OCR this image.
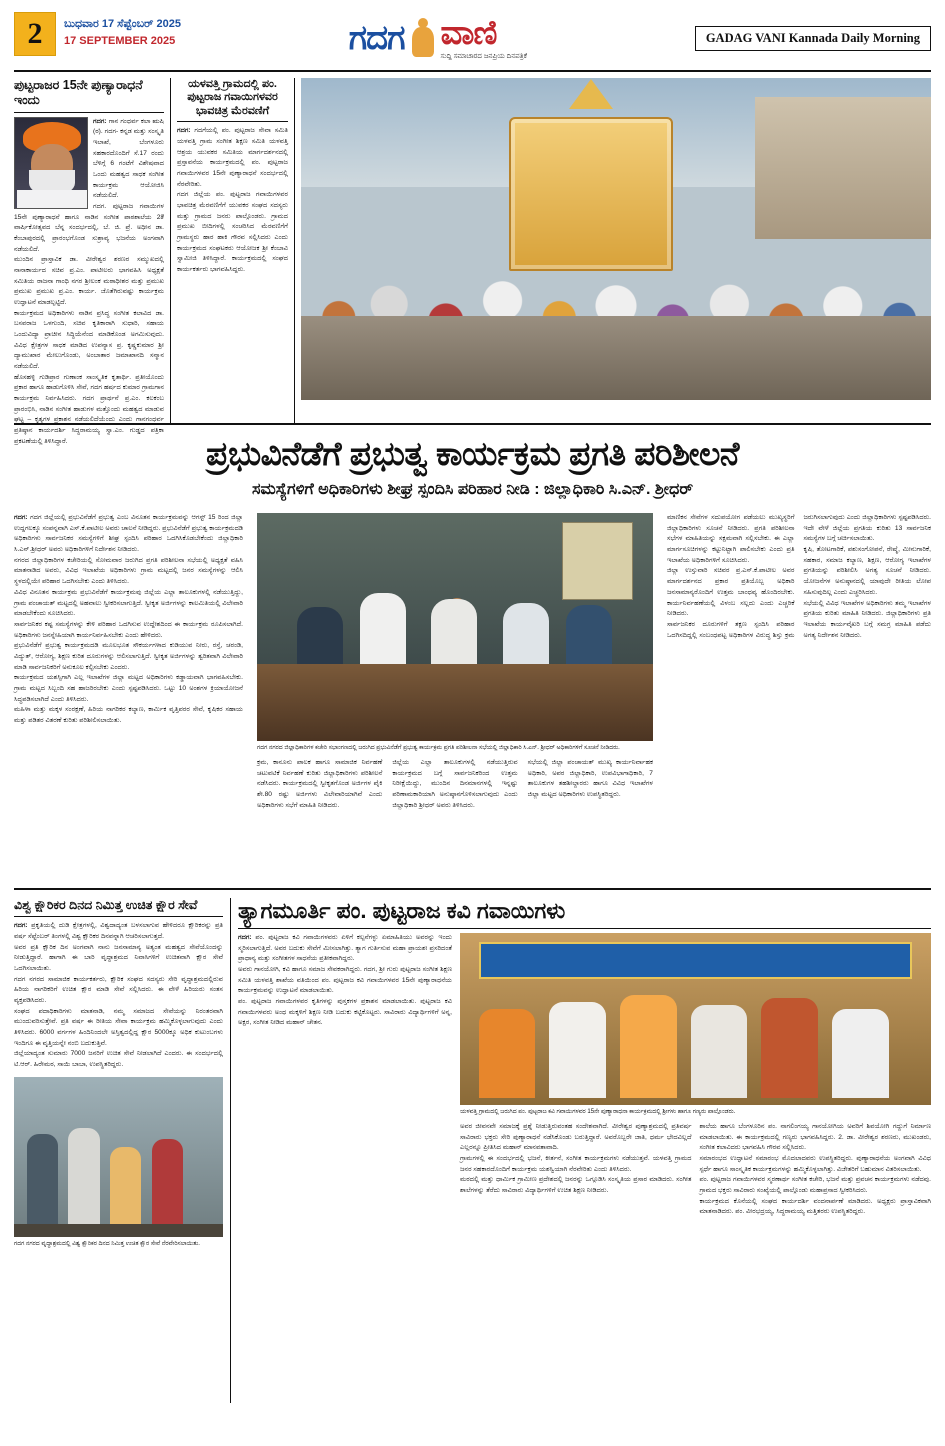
2	ಬುಧವಾರ 17 ಸೆಪ್ಟೆಂಬರ್ 2025
17 SEPTEMBER 2025	ಗದಗ ವಾಣಿ
ಸುದ್ದಿ ಸಮಾಚಾರದ ಜನಪ್ರಿಯ ದಿನಪತ್ರಿಕೆ
GADAG VANI Kannada Daily Morning
ಪುಟ್ಟರಾಜರ 15ನೇ ಪುಣ್ಯಾರಾಧನೆ ಇಂದು
ಗದಗ: ಗಾನ ಗಂಧರ್ವ ಕಲಾ ಋಷಿ (ಠ). ಗದಗ- ಕನ್ನಡ ಮತ್ತು ಸಂಸ್ಕೃತಿ ಇಲಾಖೆ, ಬೆಂಗಳೂರು ಸಹಕಾರದೊಂದಿಗೆ ಸೆ.17 ರಂದು ಬೆಳಿಗ್ಗೆ 6 ಗಂಟೆಗೆ ವಿಶೇಷವಾದ ಒಂದು ಮಹತ್ವದ ಸಾಧಕ ಸಂಗೀತ ಕಾರ್ಯಕ್ರಮ ಆಯೋಜಿಸಿ ನಡೆಯಲಿದೆ.
ಗದಗ. ಪುಟ್ಟರಾಜ ಗವಾಯಿಗಳ 15ನೇ ಪುಣ್ಯಾರಾಧನೆ ಹಾಗೂ ನಾಡಿನ ಸಂಗೀತ ಪಾಠಶಾಲೆಯ 28ೆ ವಾರ್ಷಿಕೋತ್ಸವದ ಬೆನ್ನ ಸಂದರ್ಭದಲ್ಲಿ, ಬೆ. ಜಿ. ಪ್ರೆ. ಅಧೀನ ಡಾ. ಕೆಂಬಾಪುರದಲ್ಲಿ ಪ್ರಾರಂಭಗೊಂಡ ಸುಶ್ರಾವ್ಯ ಭಜನೆಯ ಅಂಗವಾಗಿ ನಡೆಯಲಿದೆ.
ಮುಂದಿನ ಪ್ರಾಸ್ತಾವಿಕ ಡಾ. ವೀರೇಶ್ವರ ಶರಣರ ಸಮ್ಮುಖದಲ್ಲಿ ನಾನಾಕಾರ್ಯದ ಸಚಿವ ಪ್ರ.ಎಂ. ಪಾಟೀಲರು ಭಾಗವಹಿಸಿ ಅಧ್ಯಕ್ಷತೆ ಸಮಿತಿಯ ರಾಜನಾ ಗಾಂಧಿ ನಗರ ಶ್ರೀಲಂಕ ಮಠಾಧೀಶರ ಮತ್ತು ಪ್ರಮುಖ ಪ್ರಮುಖ ಪ್ರಮುಖ ಪ್ರ.ಎಂ. ಕಾರ್ಯ. ಜೊತೆಗಿರುವಷ್ಟು ಕಾರ್ಯಕ್ರಮ ಉದ್ಘಾಟನೆ ಮಾಡಲ್ಪಟ್ಟಿದೆ.
ಕಾರ್ಯಕ್ರಮದ ಅಧಿಕಾರಿಗಳು ನಾಡಿನ ಪ್ರಸಿದ್ಧ ಸಂಗೀತ ಕಲಾವಿದ ಡಾ. ಬಸವರಾಜ ಒಳಗುಂದಿ, ಸಚಿವ ಕೃತಿಕಾರಾಗಿ ಸುಧಾರಿ, ಸಹಾಯ ಒಂದುವಿದ್ಯಾ ಪ್ರಾಚೀನ ಸಿದ್ಧಿಯೆನೆಂದ ಮಾಡಿಕೊಂಡ ಅಗಮಿಸುವುದು. ವಿವಿಧ ಕ್ಷೇತ್ರಗಳ ಸಾಧಕ ಮಾಡಿದ ಉಪನ್ಯಾಸ ಪ್ರ. ಕೃಷ್ಣಕುಮಾರ ಶ್ರೀ ದ್ಯಾಮುಖಾರ ಮೇಲುಗೊಂಡು, ಅಂಬಾತಾರ ಜಮಾಖಾನದಿ ಸನ್ಮಾನ ನಡೆಯಲಿದೆ.
ಹೊಸಹಳ್ಳಿ ಗುಡಿಪ್ರಾರ ಗುಣಾಂಕ ಸಾಂಸ್ಕೃತಿಕ ಕೃತಾರ್ಥಿ. ಪ್ರತೀಯೊಂದು ಪ್ರಕಾರ ಹಾಗೂ ಹಾಡುಗೊಳಿಸಿ ಸೇವೆ, ಗದಗ ಹರ್ಷದ ಕುಮಾರ ಗ್ರಾಮಗಾನ ಕಾರ್ಯಕ್ರಮ ನಿರ್ವಹಿಸಿದರು. ಗದಗ ಪ್ರಾರ್ಥನೆ ಪ್ರ.ಎಂ. ಕಲಕಂಬ ಪ್ರಾರಂಭಿಸಿ, ನಾಡಿನ ಸಂಗೀತ ಹಾಡುಗಳ ಮತ್ತೊಂದು ಮಹತ್ವದ ಮಾಡುವ ಘಟ್ಟ – ಕೃತ್ಯಗಳ ಪ್ರಕಾಶನ ನಡೆಯಲಿದೆಯೆಂದು ಎಂದು ಗಾನಗಂಧರ್ವ ಪ್ರತಿಷ್ಠಾನ ಕಾರ್ಯದರ್ಶಿ ಸಿದ್ಧರಾಮಯ್ಯ ಸ್ವಾ.ಎಂ. ಗುಡ್ಡದ ಪತ್ರಿಕಾ ಪ್ರಕಟಣೆಯಲ್ಲಿ ತಿಳಿಸಿದ್ದಾರೆ.
ಯಳವತ್ತಿ ಗ್ರಾಮದಲ್ಲಿ ಪಂ. ಪುಟ್ಟರಾಜ ಗವಾಯಿಗಳವರ ಭಾವಚಿತ್ರ ಮೆರವಣಿಗೆ
ಗದಗ: ಗದಗೆಯಲ್ಲಿ ಪಂ. ಪುಟ್ಟರಾಜ ಸೇವಾ ಸಮಿತಿ ಯಳವತ್ತಿ ಗ್ರಾಮ ಸಂಗೀತ ಶಿಕ್ಷಣ ಸಮಿತಿ ಯಳವತ್ತಿ ಆಶ್ರಯ ಯುವಕರ ಸಮಿತಿಯ ಮಾರ್ಗದರ್ಶನದಲ್ಲಿ ಪ್ರಸ್ತಾವನೆಯ ಕಾರ್ಯಕ್ರಮದಲ್ಲಿ ಪಂ. ಪುಟ್ಟರಾಜ ಗವಾಯಿಗಳವರ 15ನೇ ಪುಣ್ಯಾರಾಧನೆ ಸಂದರ್ಭದಲ್ಲಿ ನೆರವೇರಿತು.
ಗದಗ ಜಿಲ್ಲೆಯ ಪಂ. ಪುಟ್ಟರಾಜ ಗವಾಯಿಗಳವರ ಭಾವಚಿತ್ರ ಮೆರವಣಿಗೆಗೆ ಯುವಕರ ಸಂಘದ ಸದಸ್ಯರು ಮತ್ತು ಗ್ರಾಮದ ಜನರು ಪಾಲ್ಗೊಂಡರು. ಗ್ರಾಮದ ಪ್ರಮುಖ ಬೀದಿಗಳಲ್ಲಿ ಸಂಚರಿಸಿದ ಮೆರವಣಿಗೆಗೆ ಗ್ರಾಮಸ್ಥರು ಹಾರ ಹಾಕಿ ಗೌರವ ಸಲ್ಲಿಸಿದರು ಎಂದು ಕಾರ್ಯಕ್ರಮದ ಸಂಘಟಕರು ಆಯೋಜಕ ಶ್ರೀ ಕೆಂಬಾವಿ ಸ್ವಾಮೀಜಿ ತಿಳಿಸಿದ್ದಾರೆ. ಕಾರ್ಯಕ್ರಮದಲ್ಲಿ ಸಂಘದ ಕಾರ್ಯಕರ್ತರು ಭಾಗವಹಿಸಿದ್ದರು.
ಪ್ರಭುವಿನೆಡೆಗೆ ಪ್ರಭುತ್ವ ಕಾರ್ಯಕ್ರಮ ಪ್ರಗತಿ ಪರಿಶೀಲನೆ
ಸಮಸ್ಯೆಗಳಿಗೆ ಅಧಿಕಾರಿಗಳು ಶೀಘ್ರ ಸ್ಪಂದಿಸಿ ಪರಿಹಾರ ನೀಡಿ : ಜಿಲ್ಲಾಧಿಕಾರಿ ಸಿ.ಎನ್. ಶ್ರೀಧರ್
ಗದಗ: ಗದಗ ಜಿಲ್ಲೆಯಲ್ಲಿ ಪ್ರಭುವಿನೆಡೆಗೆ ಪ್ರಭುತ್ವ ಎಂಬ ವಿನೂತನ ಕಾರ್ಯಕ್ರಮವನ್ನು ಆಗಸ್ಟ್ 15 ರಿಂದ ಜಿಲ್ಲಾ ಉದ್ದಗಲಕ್ಕೂ ಸಂಪನ್ನವಾಗಿ ಎಸ್.ಕೆ.ಪಾಟೀಲ ಅವರು ಚಾಲನೆ ನೀಡಿದ್ದರು. ಪ್ರಭುವಿನೆಡೆಗೆ ಪ್ರಭುತ್ವ ಕಾರ್ಯಕ್ರಮದಡಿ ಅಧಿಕಾರಿಗಳು ಸಾರ್ವಜನಿಕರ ಸಮಸ್ಯೆಗಳಿಗೆ ಶೀಘ್ರ ಸ್ಪಂದಿಸಿ ಪರಿಹಾರ ಒದಗಿಸಿಕೊಡಬೇಕೆಂದು ಜಿಲ್ಲಾಧಿಕಾರಿ ಸಿ.ಎನ್.ಶ್ರೀಧರ್ ಅವರು ಅಧಿಕಾರಿಗಳಿಗೆ ನಿರ್ದೇಶನ ನೀಡಿದರು.
ನಗರದ ಜಿಲ್ಲಾಧಿಕಾರಿಗಳ ಕಚೇರಿಯಲ್ಲಿ ಸೋಮವಾರ ಜರುಗಿದ ಪ್ರಗತಿ ಪರಿಶೀಲನಾ ಸಭೆಯಲ್ಲಿ ಅಧ್ಯಕ್ಷತೆ ವಹಿಸಿ ಮಾತನಾಡಿದ ಅವರು, ವಿವಿಧ ಇಲಾಖೆಯ ಅಧಿಕಾರಿಗಳು ಗ್ರಾಮ ಮಟ್ಟದಲ್ಲಿ ಜನರ ಸಮಸ್ಯೆಗಳನ್ನು ಆಲಿಸಿ ಸ್ಥಳದಲ್ಲಿಯೇ ಪರಿಹಾರ ಒದಗಿಸಬೇಕು ಎಂದು ತಿಳಿಸಿದರು.
ವಿವಿಧ ವಿನೂತನ ಕಾರ್ಯಕ್ರಮ ಪ್ರಭುವಿನೆಡೆಗೆ ಕಾರ್ಯಕ್ರಮವು ಜಿಲ್ಲೆಯ ಎಲ್ಲಾ ತಾಲೂಕುಗಳಲ್ಲಿ ನಡೆಯುತ್ತಿದ್ದು, ಗ್ರಾಮ ಪಂಚಾಯತ್ ಮಟ್ಟದಲ್ಲಿ ಅಹವಾಲು ಸ್ವೀಕರಿಸಲಾಗುತ್ತಿದೆ. ಸ್ವೀಕೃತ ಅರ್ಜಿಗಳನ್ನು ಕಾಲಮಿತಿಯಲ್ಲಿ ವಿಲೇವಾರಿ ಮಾಡಬೇಕೆಂದು ಸೂಚಿಸಿದರು.
ಸಾರ್ವಜನಿಕರ ಕಷ್ಟ ಸಮಸ್ಯೆಗಳನ್ನು ಕೇಳಿ ಪರಿಹಾರ ಒದಗಿಸುವ ಉದ್ದೇಶದಿಂದ ಈ ಕಾರ್ಯಕ್ರಮ ರೂಪಿಸಲಾಗಿದೆ. ಅಧಿಕಾರಿಗಳು ಜನಸ್ನೇಹಿಯಾಗಿ ಕಾರ್ಯನಿರ್ವಹಿಸಬೇಕು ಎಂದು ಹೇಳಿದರು.
ಪ್ರಭುವಿನೆಡೆಗೆ ಪ್ರಭುತ್ವ ಕಾರ್ಯಕ್ರಮದಡಿ ಮೂಲಭೂತ ಸೌಕರ್ಯಗಳಾದ ಕುಡಿಯುವ ನೀರು, ರಸ್ತೆ, ಚರಂಡಿ, ವಿದ್ಯುತ್, ಆರೋಗ್ಯ, ಶಿಕ್ಷಣ ಕುರಿತ ದೂರುಗಳನ್ನು ಆಲಿಸಲಾಗುತ್ತಿದೆ. ಸ್ವೀಕೃತ ಅರ್ಜಿಗಳನ್ನು ತ್ವರಿತವಾಗಿ ವಿಲೇವಾರಿ ಮಾಡಿ ಸಾರ್ವಜನಿಕರಿಗೆ ಅನುಕೂಲ ಕಲ್ಪಿಸಬೇಕು ಎಂದರು.
ಕಾರ್ಯಕ್ರಮದ ಯಶಸ್ಸಿಗಾಗಿ ಎಲ್ಲ ಇಲಾಖೆಗಳ ಜಿಲ್ಲಾ ಮಟ್ಟದ ಅಧಿಕಾರಿಗಳು ಕಡ್ಡಾಯವಾಗಿ ಭಾಗವಹಿಸಬೇಕು. ಗ್ರಾಮ ಮಟ್ಟದ ಸಿಬ್ಬಂದಿ ಸಹ ಹಾಜರಿರಬೇಕು ಎಂದು ಸ್ಪಷ್ಟಪಡಿಸಿದರು. ಒಟ್ಟು 10 ಅಂಶಗಳ ಕ್ರಿಯಾಯೋಜನೆ ಸಿದ್ಧಪಡಿಸಲಾಗಿದೆ ಎಂದು ತಿಳಿಸಿದರು.
ಮಹಿಳಾ ಮತ್ತು ಮಕ್ಕಳ ಸಂರಕ್ಷಣೆ, ಹಿರಿಯ ನಾಗರಿಕರ ಕಲ್ಯಾಣ, ಕಾರ್ಮಿಕ ವೃತ್ತಿಪರರ ಸೇವೆ, ಕೃಷಿಕರ ಸಹಾಯ ಮತ್ತು ಪಡಿತರ ವಿತರಣೆ ಕುರಿತು ಪರಿಶೀಲಿಸಲಾಯಿತು.
ಗದಗ ನಗರದ ಜಿಲ್ಲಾಧಿಕಾರಿಗಳ ಕಚೇರಿ ಸಭಾಂಗಣದಲ್ಲಿ ಜರುಗಿದ ಪ್ರಭುವಿನೆಡೆಗೆ ಪ್ರಭುತ್ವ ಕಾರ್ಯಕ್ರಮ ಪ್ರಗತಿ ಪರಿಶೀಲನಾ ಸಭೆಯಲ್ಲಿ ಜಿಲ್ಲಾಧಿಕಾರಿ ಸಿ.ಎನ್. ಶ್ರೀಧರ್ ಅಧಿಕಾರಿಗಳಿಗೆ ಸೂಚನೆ ನೀಡಿದರು.
ಕ್ರಮ, ಕಾನೂನು ಪಾಲಕ ಹಾಗೂ ಸಾಮಾಜಿಕ ನಿರ್ವಹಣೆ ಚಟುವಟಿಕೆ ನಿರ್ವಹಣೆ ಕುರಿತು ಜಿಲ್ಲಾಧಿಕಾರಿಗಳು ಪರಿಶೀಲನೆ ನಡೆಸಿದರು. ಕಾರ್ಯಕ್ರಮದಲ್ಲಿ ಸ್ವೀಕೃತಗೊಂಡ ಅರ್ಜಿಗಳ ಪೈಕಿ ಶೇ.80 ರಷ್ಟು ಅರ್ಜಿಗಳು ವಿಲೇವಾರಿಯಾಗಿವೆ ಎಂದು ಅಧಿಕಾರಿಗಳು ಸಭೆಗೆ ಮಾಹಿತಿ ನೀಡಿದರು.
ಜಿಲ್ಲೆಯ ಎಲ್ಲಾ ತಾಲೂಕುಗಳಲ್ಲಿ ನಡೆಯುತ್ತಿರುವ ಕಾರ್ಯಕ್ರಮದ ಬಗ್ಗೆ ಸಾರ್ವಜನಿಕರಿಂದ ಉತ್ತಮ ನಿರೀಕ್ಷೆಯಿದ್ದು, ಮುಂದಿನ ದಿನಮಾನಗಳಲ್ಲಿ ಇನ್ನಷ್ಟು ಪರಿಣಾಮಕಾರಿಯಾಗಿ ಅನುಷ್ಠಾನಗೊಳಿಸಲಾಗುವುದು ಎಂದು ಜಿಲ್ಲಾಧಿಕಾರಿ ಶ್ರೀಧರ್ ಅವರು ತಿಳಿಸಿದರು.
ಸಭೆಯಲ್ಲಿ ಜಿಲ್ಲಾ ಪಂಚಾಯತ್ ಮುಖ್ಯ ಕಾರ್ಯನಿರ್ವಾಹಕ ಅಧಿಕಾರಿ, ಅಪರ ಜಿಲ್ಲಾಧಿಕಾರಿ, ಉಪವಿಭಾಗಾಧಿಕಾರಿ, 7 ತಾಲೂಕುಗಳ ತಹಶೀಲ್ದಾರರು ಹಾಗೂ ವಿವಿಧ ಇಲಾಖೆಗಳ ಜಿಲ್ಲಾ ಮಟ್ಟದ ಅಧಿಕಾರಿಗಳು ಉಪಸ್ಥಿತರಿದ್ದರು.
ಮಾಣಿಕನ ಸೇವೆಗಳ ಸದುಪಯೋಗ ಪಡೆಯಲು ಮುಖ್ಯಸ್ಥರಿಗೆ ಜಿಲ್ಲಾಧಿಕಾರಿಗಳು ಸೂಚನೆ ನೀಡಿದರು. ಪ್ರಗತಿ ಪರಿಶೀಲನಾ ಸಭೆಗಳ ಮಾಹಿತಿಯನ್ನು ಸಕ್ಷಮವಾಗಿ ಸಲ್ಲಿಸಬೇಕು. ಈ ಎಲ್ಲಾ ಮಾರ್ಗಸೂಚಿಗಳನ್ನು ಕಟ್ಟುನಿಟ್ಟಾಗಿ ಪಾಲಿಸಬೇಕು ಎಂದು ಪ್ರತಿ ಇಲಾಖೆಯ ಅಧಿಕಾರಿಗಳಿಗೆ ಸೂಚಿಸಿದರು.
ಜಿಲ್ಲಾ ಉಸ್ತುವಾರಿ ಸಚಿವರ ಪ್ರ.ಎಸ್.ಕೆ.ಪಾಟೀಲ ಅವರ ಮಾರ್ಗದರ್ಶನದ ಪ್ರಕಾರ ಪ್ರತಿಯೊಬ್ಬ ಅಧಿಕಾರಿ ಜನಸಾಮಾನ್ಯರೊಂದಿಗೆ ಉತ್ತಮ ಬಾಂಧವ್ಯ ಹೊಂದಿರಬೇಕು. ಕಾರ್ಯನಿರ್ವಹಣೆಯಲ್ಲಿ ವಿಳಂಬ ಸಲ್ಲದು ಎಂದು ಎಚ್ಚರಿಕೆ ನೀಡಿದರು.
ಸಾರ್ವಜನಿಕರ ದೂರುಗಳಿಗೆ ತಕ್ಷಣ ಸ್ಪಂದಿಸಿ ಪರಿಹಾರ ಒದಗಿಸದಿದ್ದಲ್ಲಿ ಸಂಬಂಧಪಟ್ಟ ಅಧಿಕಾರಿಗಳ ವಿರುದ್ಧ ಶಿಸ್ತು ಕ್ರಮ ಜರುಗಿಸಲಾಗುವುದು ಎಂದು ಜಿಲ್ಲಾಧಿಕಾರಿಗಳು ಸ್ಪಷ್ಟಪಡಿಸಿದರು. ಇದೇ ವೇಳೆ ಜಿಲ್ಲೆಯ ಪ್ರಗತಿಯ ಕುರಿತು 13 ಸಾರ್ವಜನಿಕ ಸಮಸ್ಯೆಗಳ ಬಗ್ಗೆ ಚರ್ಚಿಸಲಾಯಿತು.
ಕೃಷಿ, ತೋಟಗಾರಿಕೆ, ಪಶುಸಂಗೋಪನೆ, ರೇಷ್ಮೆ, ಮೀನುಗಾರಿಕೆ, ಸಹಕಾರ, ಸಮಾಜ ಕಲ್ಯಾಣ, ಶಿಕ್ಷಣ, ಆರೋಗ್ಯ ಇಲಾಖೆಗಳ ಪ್ರಗತಿಯನ್ನು ಪರಿಶೀಲಿಸಿ ಅಗತ್ಯ ಸೂಚನೆ ನೀಡಿದರು. ಯೋಜನೆಗಳ ಅನುಷ್ಠಾನದಲ್ಲಿ ಯಾವುದೇ ರೀತಿಯ ಲೋಪ ಸಹಿಸುವುದಿಲ್ಲ ಎಂದು ಎಚ್ಚರಿಸಿದರು.
ಸಭೆಯಲ್ಲಿ ವಿವಿಧ ಇಲಾಖೆಗಳ ಅಧಿಕಾರಿಗಳು ತಮ್ಮ ಇಲಾಖೆಗಳ ಪ್ರಗತಿಯ ಕುರಿತು ಮಾಹಿತಿ ನೀಡಿದರು. ಜಿಲ್ಲಾಧಿಕಾರಿಗಳು ಪ್ರತಿ ಇಲಾಖೆಯ ಕಾರ್ಯವೈಖರಿ ಬಗ್ಗೆ ಸಮಗ್ರ ಮಾಹಿತಿ ಪಡೆದು ಅಗತ್ಯ ನಿರ್ದೇಶನ ನೀಡಿದರು.
ವಿಶ್ವ ಕ್ಷೌರಿಕರ ದಿನದ ನಿಮಿತ್ತ ಉಚಿತ ಕ್ಷೌರ ಸೇವೆ
ಗದಗ: ಪ್ರಕೃತಿಯಲ್ಲಿ ದುಡಿ ಕ್ಷೇತ್ರಗಳಲ್ಲಿ, ವಿಶ್ವದಾದ್ಯಂತ ಬಳಸಲಾಗುವ ಹೇಳಿದರೂ ಕ್ಷೌರಿಕರನ್ನು ಪ್ರತಿ ವರ್ಷ ಸೆಪ್ಟೆಂಬರ್ ತಿಂಗಳಲ್ಲಿ ವಿಶ್ವ ಕ್ಷೌರಿಕರ ದಿನವನ್ನಾಗಿ ಆಚರಿಸಲಾಗುತ್ತದೆ.
ಅವರ ಪ್ರತಿ ಕ್ಷೌರಿಕ ದಿನ ಅಂಗವಾಗಿ ನಾನು ಜನಸಾಮಾನ್ಯ ಅತ್ಯಂತ ಮಹತ್ವದ ಸೇವೆಯೊಂದನ್ನು ನೀಡುತ್ತಿದ್ದಾರೆ. ಹಾಗಾಗಿ ಈ ಬಾರಿ ವೃದ್ಧಾಶ್ರಮದ ನಿವಾಸಿಗಳಿಗೆ ಉಚಿತವಾಗಿ ಕ್ಷೌರ ಸೇವೆ ಒದಗಿಸಲಾಯಿತು.
ಗದಗ ನಗರದ ಸಾಮಾಜಿಕ ಕಾರ್ಯಕರ್ತರು, ಕ್ಷೌರಿಕ ಸಂಘದ ಸದಸ್ಯರು ಸೇರಿ ವೃದ್ಧಾಶ್ರಮದಲ್ಲಿರುವ ಹಿರಿಯ ನಾಗರಿಕರಿಗೆ ಉಚಿತ ಕ್ಷೌರ ಮಾಡಿ ಸೇವೆ ಸಲ್ಲಿಸಿದರು. ಈ ವೇಳೆ ಹಿರಿಯರು ಸಂತಸ ವ್ಯಕ್ತಪಡಿಸಿದರು.
ಸಂಘದ ಪದಾಧಿಕಾರಿಗಳು ಮಾತನಾಡಿ, ನಮ್ಮ ಸಮಾಜದ ಸೇವೆಯನ್ನು ನಿರಂತರವಾಗಿ ಮುಂದುವರಿಸುತ್ತೇವೆ. ಪ್ರತಿ ವರ್ಷ ಈ ರೀತಿಯ ಸೇವಾ ಕಾರ್ಯಕ್ರಮ ಹಮ್ಮಿಕೊಳ್ಳಲಾಗುವುದು ಎಂದು ತಿಳಿಸಿದರು. 6000 ವರ್ಗಗಳ ಹಿಂದಿನಿಂದಲೇ ಅಸ್ತಿತ್ವದಲ್ಲಿದ್ದ ಕ್ಷೌರ 5000ಕ್ಕೂ ಅಧಿಕ ಕುಟುಂಬಗಳು ಇಂದಿಗೂ ಈ ವೃತ್ತಿಯನ್ನೇ ನಂಬಿ ಬದುಕುತ್ತಿವೆ.
ಜಿಲ್ಲೆಯಾದ್ಯಂತ ಸುಮಾರು 7000 ಜನರಿಗೆ ಉಚಿತ ಸೇವೆ ನೀಡಲಾಗಿದೆ ಎಂದರು. ಈ ಸಂದರ್ಭದಲ್ಲಿ ಟಿ.ಆರ್. ಹಿರೇಮಠ, ಸಾಯಿ ಬಾಬಾ, ಉಪಸ್ಥಿತರಿದ್ದರು.
ಗದಗ ನಗರದ ವೃದ್ಧಾಶ್ರಮದಲ್ಲಿ ವಿಶ್ವ ಕ್ಷೌರಿಕರ ದಿನದ ನಿಮಿತ್ತ ಉಚಿತ ಕ್ಷೌರ ಸೇವೆ ನೆರವೇರಿಸಲಾಯಿತು.
ತ್ಯಾಗಮೂರ್ತಿ ಪಂ. ಪುಟ್ಟರಾಜ ಕವಿ ಗವಾಯಿಗಳು
ಗದಗ: ಪಂ. ಪುಟ್ಟರಾಜ ಕವಿ ಗವಾಯಿಗಳವರು ಏಳಿಗೆ ಕಲ್ಪನೆಗಳ್ಳು ಏಮಾಹಿತಿಯು ಅವರನ್ನು ಇಂದು ಸ್ಮರಿಸಲಾಗುತ್ತಿದೆ. ಅವರ ಬದುಕು ಸೇವೆಗೆ ಮೀಸಲಾಗಿತ್ತು. ತ್ಯಾಗ ಗುರ್ತಿಸುವ ಮಹಾ ಪ್ರಾಯಶಃ ಪ್ರಸರಿದಂತೆ ಪ್ರಾಧಾನ್ಯ ಮತ್ತು ಸಂಗೀತಗಳ ಸಾಧನೆಯ ಪ್ರತೀಕವಾಗಿದ್ದರು.
ಅವರು ಗಾನಯೋಗಿ, ಕವಿ ಹಾಗೂ ಸಮಾಜ ಸೇವಕರಾಗಿದ್ದರು. ಗದಗ, ಶ್ರೀ ಗುರು ಪುಟ್ಟರಾಜ ಸಂಗೀತ ಶಿಕ್ಷಣ ಸಮಿತಿ ಯಳವತ್ತಿ ಶಾಖೆಯ ವತಿಯಿಂದ ಪಂ. ಪುಟ್ಟರಾಜ ಕವಿ ಗವಾಯಿಗಳವರ 15ನೇ ಪುಣ್ಯಾರಾಧನೆಯ ಕಾರ್ಯಕ್ರಮವನ್ನು ಉದ್ಘಾಟನೆ ಮಾಡಲಾಯಿತು.
ಪಂ. ಪುಟ್ಟರಾಜ ಗವಾಯಿಗಳವರ ಕೃತಿಗಳನ್ನು ಪುಸ್ತಕಗಳ ಪ್ರಕಾಶನ ಮಾಡಲಾಯಿತು. ಪುಟ್ಟರಾಜ ಕವಿ ಗವಾಯಿಗಳವರು ಅಂಧ ಮಕ್ಕಳಿಗೆ ಶಿಕ್ಷಣ ನೀಡಿ ಬದುಕು ಕಟ್ಟಿಕೊಟ್ಟರು. ಸಾವಿರಾರು ವಿದ್ಯಾರ್ಥಿಗಳಿಗೆ ಅನ್ನ, ಅಕ್ಷರ, ಸಂಗೀತ ನೀಡಿದ ಮಹಾನ್ ಚೇತನ.
ಯಳವತ್ತಿ ಗ್ರಾಮದಲ್ಲಿ ಜರುಗಿದ ಪಂ. ಪುಟ್ಟರಾಜ ಕವಿ ಗವಾಯಿಗಳವರ 15ನೇ ಪುಣ್ಯಾರಾಧನಾ ಕಾರ್ಯಕ್ರಮದಲ್ಲಿ ಶ್ರೀಗಳು ಹಾಗೂ ಗಣ್ಯರು ಪಾಲ್ಗೊಂಡರು.
ಅವರ ಜೀವನವೇ ಸಮಾಜಕ್ಕೆ ಪ್ರಶ್ನೆ ನೀಡುತ್ತಿರುವಂತಹ ಸಂದೇಶವಾಗಿದೆ. ವೀರೇಶ್ವರ ಪುಣ್ಯಾಶ್ರಮದಲ್ಲಿ ಪ್ರತಿವರ್ಷ ಸಾವಿರಾರು ಭಕ್ತರು ಸೇರಿ ಪುಣ್ಯಾರಾಧನೆ ನಡೆಸಿಕೊಂಡು ಬರುತ್ತಿದ್ದಾರೆ. ಅವರೊಬ್ಬರೇ ಜಾತಿ, ಧರ್ಮ ಭೇದವಿಲ್ಲದೆ ಎಲ್ಲರನ್ನೂ ಪ್ರೀತಿಸಿದ ಮಹಾನ್ ಮಾನವತಾವಾದಿ.
ಗ್ರಾಮಗಳಲ್ಲಿ ಈ ಸಂದರ್ಭದಲ್ಲಿ ಭಜನೆ, ಕೀರ್ತನೆ, ಸಂಗೀತ ಕಾರ್ಯಕ್ರಮಗಳು ನಡೆಯುತ್ತವೆ. ಯಳವತ್ತಿ ಗ್ರಾಮದ ಜನರ ಸಹಕಾರದೊಂದಿಗೆ ಕಾರ್ಯಕ್ರಮ ಯಶಸ್ವಿಯಾಗಿ ನೆರವೇರಿತು ಎಂದು ತಿಳಿಸಿದರು.
ಮಠದಲ್ಲಿ ಮತ್ತು ಧಾರ್ಮಿಕ ಗ್ರಾಮೀಣ ಪ್ರದೇಶದಲ್ಲಿ ಜನರನ್ನು ಒಗ್ಗೂಡಿಸಿ ಸಂಸ್ಕೃತಿಯ ಪ್ರಸಾರ ಮಾಡಿದರು. ಸಂಗೀತ ಶಾಲೆಗಳನ್ನು ತೆರೆದು ಸಾವಿರಾರು ವಿದ್ಯಾರ್ಥಿಗಳಿಗೆ ಉಚಿತ ಶಿಕ್ಷಣ ನೀಡಿದರು.
ಶಾಲೆಯ ಹಾಗೂ ಬೆಂಗಳೂರಿನ ಪಂ. ನಾಗಲಿಂಗಯ್ಯ ಗಾನಯೋಗಿಯ ಅವರಿಗೆ ಶಿವಯೋಗಿ ಗದ್ದುಗೆ ನಿರ್ಮಾಣ ಮಾಡಲಾಯಿತು. ಈ ಕಾರ್ಯಕ್ರಮದಲ್ಲಿ ಗಣ್ಯರು ಭಾಗವಹಿಸಿದ್ದರು. 2. ಡಾ. ವೀರೇಶ್ವರ ಶರಣರು, ಮುಖಂಡರು, ಸಂಗೀತ ಕಲಾವಿದರು ಭಾಗವಹಿಸಿ ಗೌರವ ಸಲ್ಲಿಸಿದರು.
ಸಮಾರಂಭದ ಉದ್ಘಾಟನೆ ಸಮಾರಂಭ ಮೊದಲಾದವರು ಉಪಸ್ಥಿತರಿದ್ದರು. ಪುಣ್ಯಾರಾಧನೆಯ ಅಂಗವಾಗಿ ವಿವಿಧ ಸ್ಪರ್ಧೆ ಹಾಗೂ ಸಾಂಸ್ಕೃತಿಕ ಕಾರ್ಯಕ್ರಮಗಳನ್ನು ಹಮ್ಮಿಕೊಳ್ಳಲಾಗಿತ್ತು. ವಿಜೇತರಿಗೆ ಬಹುಮಾನ ವಿತರಿಸಲಾಯಿತು.
ಪಂ. ಪುಟ್ಟರಾಜ ಗವಾಯಿಗಳವರ ಸ್ಮರಣಾರ್ಥ ಸಂಗೀತ ಕಚೇರಿ, ಭಜನೆ ಮತ್ತು ಪ್ರವಚನ ಕಾರ್ಯಕ್ರಮಗಳು ನಡೆದವು. ಗ್ರಾಮದ ಭಕ್ತರು ಸಾವಿರಾರು ಸಂಖ್ಯೆಯಲ್ಲಿ ಪಾಲ್ಗೊಂಡು ಮಹಾಪ್ರಸಾದ ಸ್ವೀಕರಿಸಿದರು.
ಕಾರ್ಯಕ್ರಮದ ಕೊನೆಯಲ್ಲಿ ಸಂಘದ ಕಾರ್ಯದರ್ಶಿ ವಂದನಾರ್ಪಣೆ ಮಾಡಿದರು. ಅಧ್ಯಕ್ಷರು ಪ್ರಾಸ್ತಾವಿಕವಾಗಿ ಮಾತನಾಡಿದರು. ಪಂ. ವೀರಭದ್ರಯ್ಯ, ಸಿದ್ಧರಾಮಯ್ಯ ಮತ್ತಿತರರು ಉಪಸ್ಥಿತರಿದ್ದರು.
